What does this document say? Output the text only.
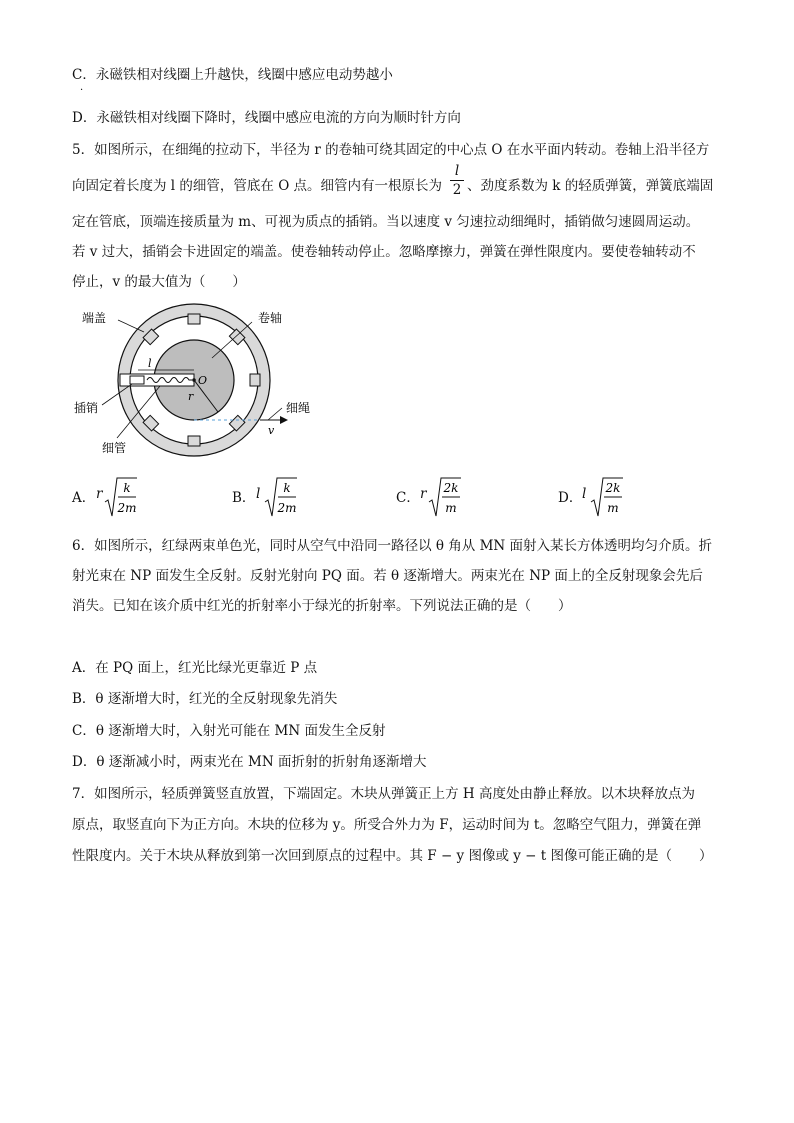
C．永磁铁相对线圈上升越快，线圈中感应电动势越小
·
D．永磁铁相对线圈下降时，线圈中感应电流的方向为顺时针方向
5．如图所示，在细绳的拉动下，半径为 r 的卷轴可绕其固定的中心点 O 在水平面内转动。卷轴上沿半径方
向固定着长度为 l 的细管，管底在 O 点。细管内有一根原长为 $\frac{l}{2}$ 、劲度系数为 k 的轻质弹簧，弹簧底端固
定在管底，顶端连接质量为 m、可视为质点的插销。当以速度 v 匀速拉动细绳时，插销做匀速圆周运动。
若 v 过大，插销会卡进固定的端盖。使卷轴转动停止。忽略摩擦力，弹簧在弹性限度内。要使卷轴转动不
停止，v 的最大值为（　　）
端盖	卷轴
插销
细管
细绳
O
l
r
v
A． r k
2m
B． l k
2m
C． r 2k
m
D． l 2k
m
6．如图所示，红绿两束单色光，同时从空气中沿同一路径以 θ 角从 MN 面射入某长方体透明均匀介质。折
射光束在 NP 面发生全反射。反射光射向 PQ 面。若 θ 逐渐增大。两束光在 NP 面上的全反射现象会先后
消失。已知在该介质中红光的折射率小于绿光的折射率。下列说法正确的是（　　）
A．在 PQ 面上，红光比绿光更靠近 P 点
B．θ 逐渐增大时，红光的全反射现象先消失
C．θ 逐渐增大时，入射光可能在 MN 面发生全反射
D．θ 逐渐减小时，两束光在 MN 面折射的折射角逐渐增大
7．如图所示，轻质弹簧竖直放置，下端固定。木块从弹簧正上方 H 高度处由静止释放。以木块释放点为
原点，取竖直向下为正方向。木块的位移为 y。所受合外力为 F，运动时间为 t。忽略空气阻力，弹簧在弹
性限度内。关于木块从释放到第一次回到原点的过程中。其 F − y 图像或 y − t 图像可能正确的是（　　）
